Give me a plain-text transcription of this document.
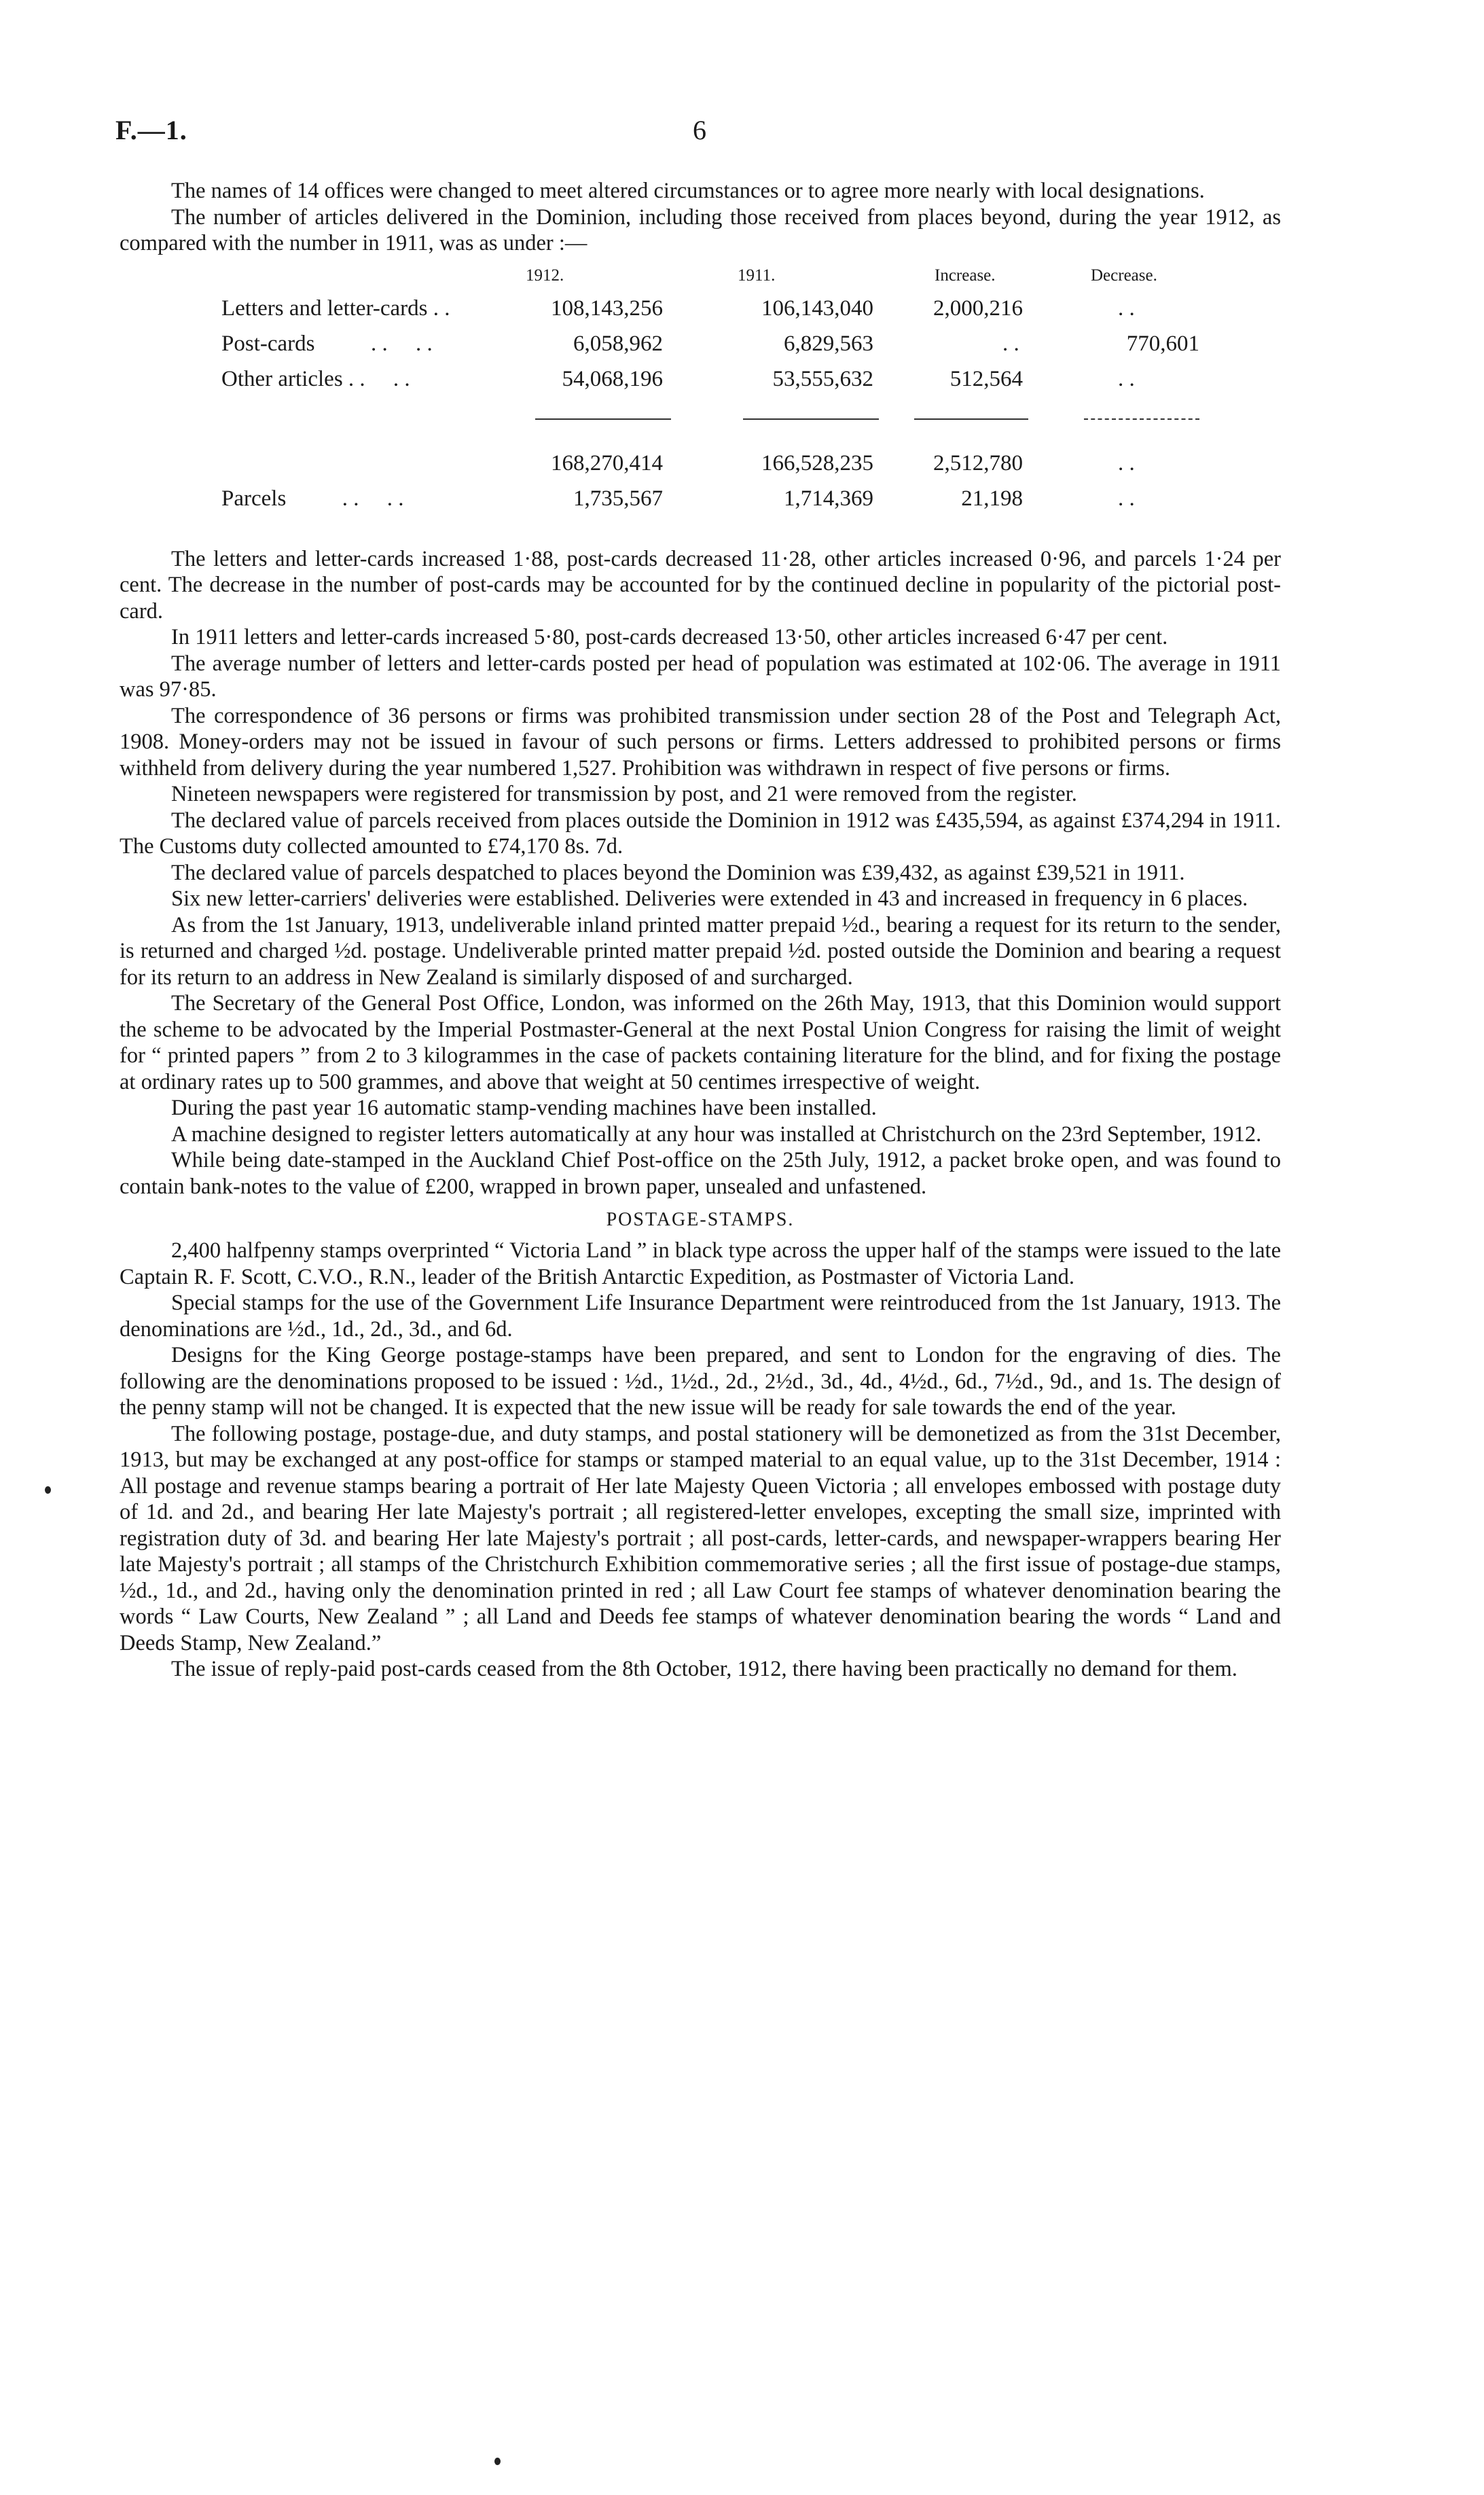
F.—1.	6

The names of 14 offices were changed to meet altered circumstances or to agree more nearly with local designations.

The number of articles delivered in the Dominion, including those received from places beyond, during the year 1912, as compared with the number in 1911, was as under :—

1912.	1911.	Increase.	Decrease.
Letters and letter-cards . .	108,143,256	106,143,040	2,000,216	. .
Post-cards          . .     . .	6,058,962	6,829,563	. .	770,601
Other articles . .     . .	54,068,196	53,555,632	512,564	. .
168,270,414	166,528,235	2,512,780	. .
Parcels          . .     . .	1,735,567	1,714,369	21,198	. .

The letters and letter-cards increased 1·88, post-cards decreased 11·28, other articles increased 0·96, and parcels 1·24 per cent. The decrease in the number of post-cards may be accounted for by the continued decline in popularity of the pictorial post-card.

In 1911 letters and letter-cards increased 5·80, post-cards decreased 13·50, other articles increased 6·47 per cent.

The average number of letters and letter-cards posted per head of population was estimated at 102·06. The average in 1911 was 97·85.

The correspondence of 36 persons or firms was prohibited transmission under section 28 of the Post and Telegraph Act, 1908. Money-orders may not be issued in favour of such persons or firms. Letters addressed to prohibited persons or firms withheld from delivery during the year numbered 1,527. Prohibition was withdrawn in respect of five persons or firms.

Nineteen newspapers were registered for transmission by post, and 21 were removed from the register.

The declared value of parcels received from places outside the Dominion in 1912 was £435,594, as against £374,294 in 1911. The Customs duty collected amounted to £74,170 8s. 7d.

The declared value of parcels despatched to places beyond the Dominion was £39,432, as against £39,521 in 1911.

Six new letter-carriers' deliveries were established. Deliveries were extended in 43 and increased in frequency in 6 places.

As from the 1st January, 1913, undeliverable inland printed matter prepaid ½d., bearing a request for its return to the sender, is returned and charged ½d. postage. Undeliverable printed matter prepaid ½d. posted outside the Dominion and bearing a request for its return to an address in New Zealand is similarly disposed of and surcharged.

The Secretary of the General Post Office, London, was informed on the 26th May, 1913, that this Dominion would support the scheme to be advocated by the Imperial Postmaster-General at the next Postal Union Congress for raising the limit of weight for “ printed papers ” from 2 to 3 kilogrammes in the case of packets containing literature for the blind, and for fixing the postage at ordinary rates up to 500 grammes, and above that weight at 50 centimes irrespective of weight.

During the past year 16 automatic stamp-vending machines have been installed.

A machine designed to register letters automatically at any hour was installed at Christchurch on the 23rd September, 1912.

While being date-stamped in the Auckland Chief Post-office on the 25th July, 1912, a packet broke open, and was found to contain bank-notes to the value of £200, wrapped in brown paper, unsealed and unfastened.

POSTAGE-STAMPS.

2,400 halfpenny stamps overprinted “ Victoria Land ” in black type across the upper half of the stamps were issued to the late Captain R. F. Scott, C.V.O., R.N., leader of the British Antarctic Expedition, as Postmaster of Victoria Land.

Special stamps for the use of the Government Life Insurance Department were reintroduced from the 1st January, 1913. The denominations are ½d., 1d., 2d., 3d., and 6d.

Designs for the King George postage-stamps have been prepared, and sent to London for the engraving of dies. The following are the denominations proposed to be issued : ½d., 1½d., 2d., 2½d., 3d., 4d., 4½d., 6d., 7½d., 9d., and 1s. The design of the penny stamp will not be changed. It is expected that the new issue will be ready for sale towards the end of the year.

The following postage, postage-due, and duty stamps, and postal stationery will be demonetized as from the 31st December, 1913, but may be exchanged at any post-office for stamps or stamped material to an equal value, up to the 31st December, 1914 : All postage and revenue stamps bearing a portrait of Her late Majesty Queen Victoria ; all envelopes embossed with postage duty of 1d. and 2d., and bearing Her late Majesty's portrait ; all registered-letter envelopes, excepting the small size, imprinted with registration duty of 3d. and bearing Her late Majesty's portrait ; all post-cards, letter-cards, and newspaper-wrappers bearing Her late Majesty's portrait ; all stamps of the Christchurch Exhibition commemorative series ; all the first issue of postage-due stamps, ½d., 1d., and 2d., having only the denomination printed in red ; all Law Court fee stamps of whatever denomination bearing the words “ Law Courts, New Zealand ” ; all Land and Deeds fee stamps of whatever denomination bearing the words “ Land and Deeds Stamp, New Zealand.”

The issue of reply-paid post-cards ceased from the 8th October, 1912, there having been practically no demand for them.
